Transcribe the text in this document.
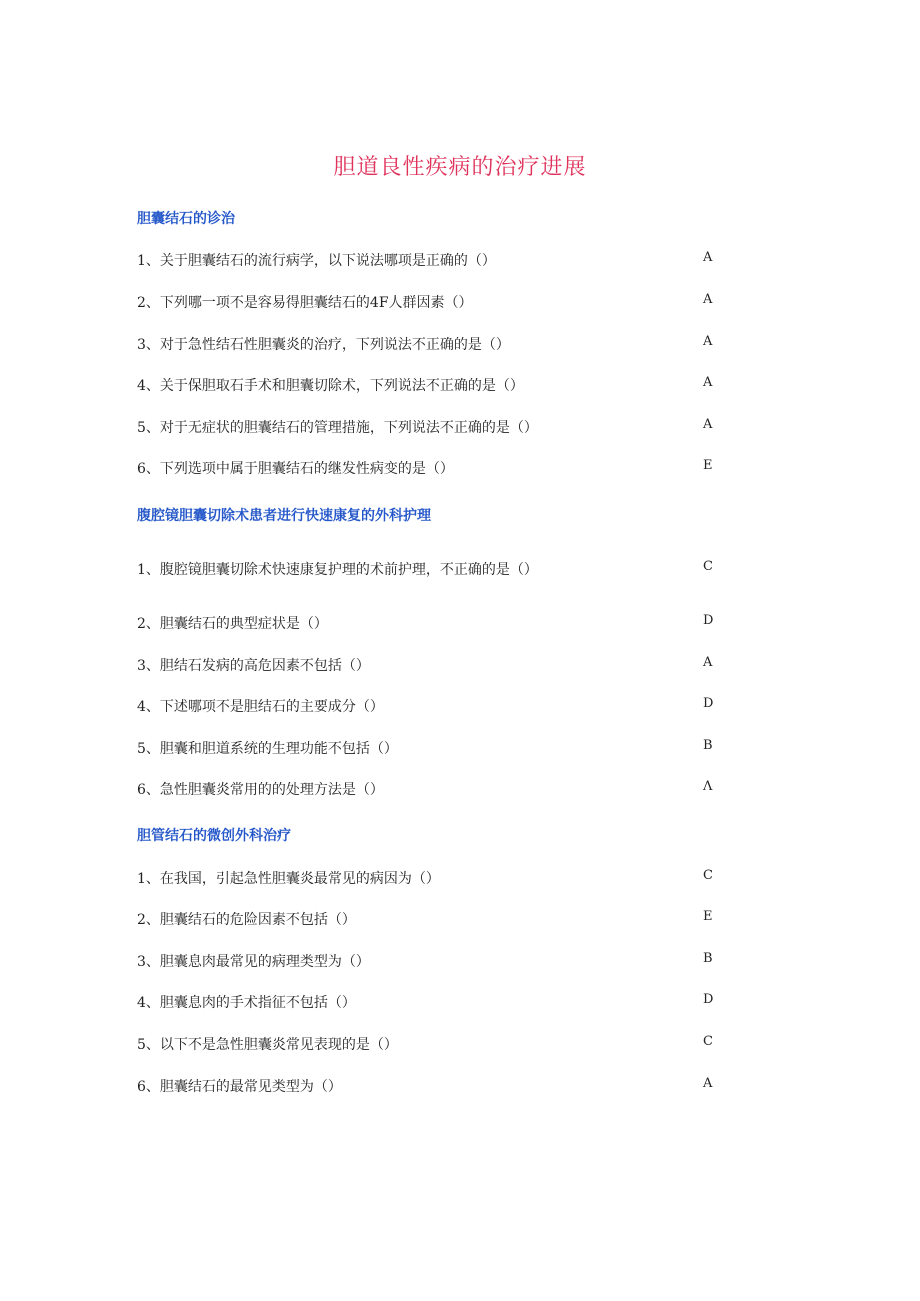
胆道良性疾病的治疗进展
胆囊结石的诊治
1、关于胆囊结石的流行病学，以下说法哪项是正确的（）	A
2、下列哪一项不是容易得胆囊结石的4F人群因素（）	A
3、对于急性结石性胆囊炎的治疗，下列说法不正确的是（）	A
4、关于保胆取石手术和胆囊切除术，下列说法不正确的是（）	A
5、对于无症状的胆囊结石的管理措施，下列说法不正确的是（）	A
6、下列选项中属于胆囊结石的继发性病变的是（）	E
腹腔镜胆囊切除术患者进行快速康复的外科护理
1、腹腔镜胆囊切除术快速康复护理的术前护理，不正确的是（）	C
2、胆囊结石的典型症状是（）	D
3、胆结石发病的高危因素不包括（）	A
4、下述哪项不是胆结石的主要成分（）	D
5、胆囊和胆道系统的生理功能不包括（）	B
6、急性胆囊炎常用的的处理方法是（）	Λ
胆管结石的微创外科治疗
1、在我国，引起急性胆囊炎最常见的病因为（）	C
2、胆囊结石的危险因素不包括（）	E
3、胆囊息肉最常见的病理类型为（）	B
4、胆囊息肉的手术指征不包括（）	D
5、以下不是急性胆囊炎常见表现的是（）	C
6、胆囊结石的最常见类型为（）	A
